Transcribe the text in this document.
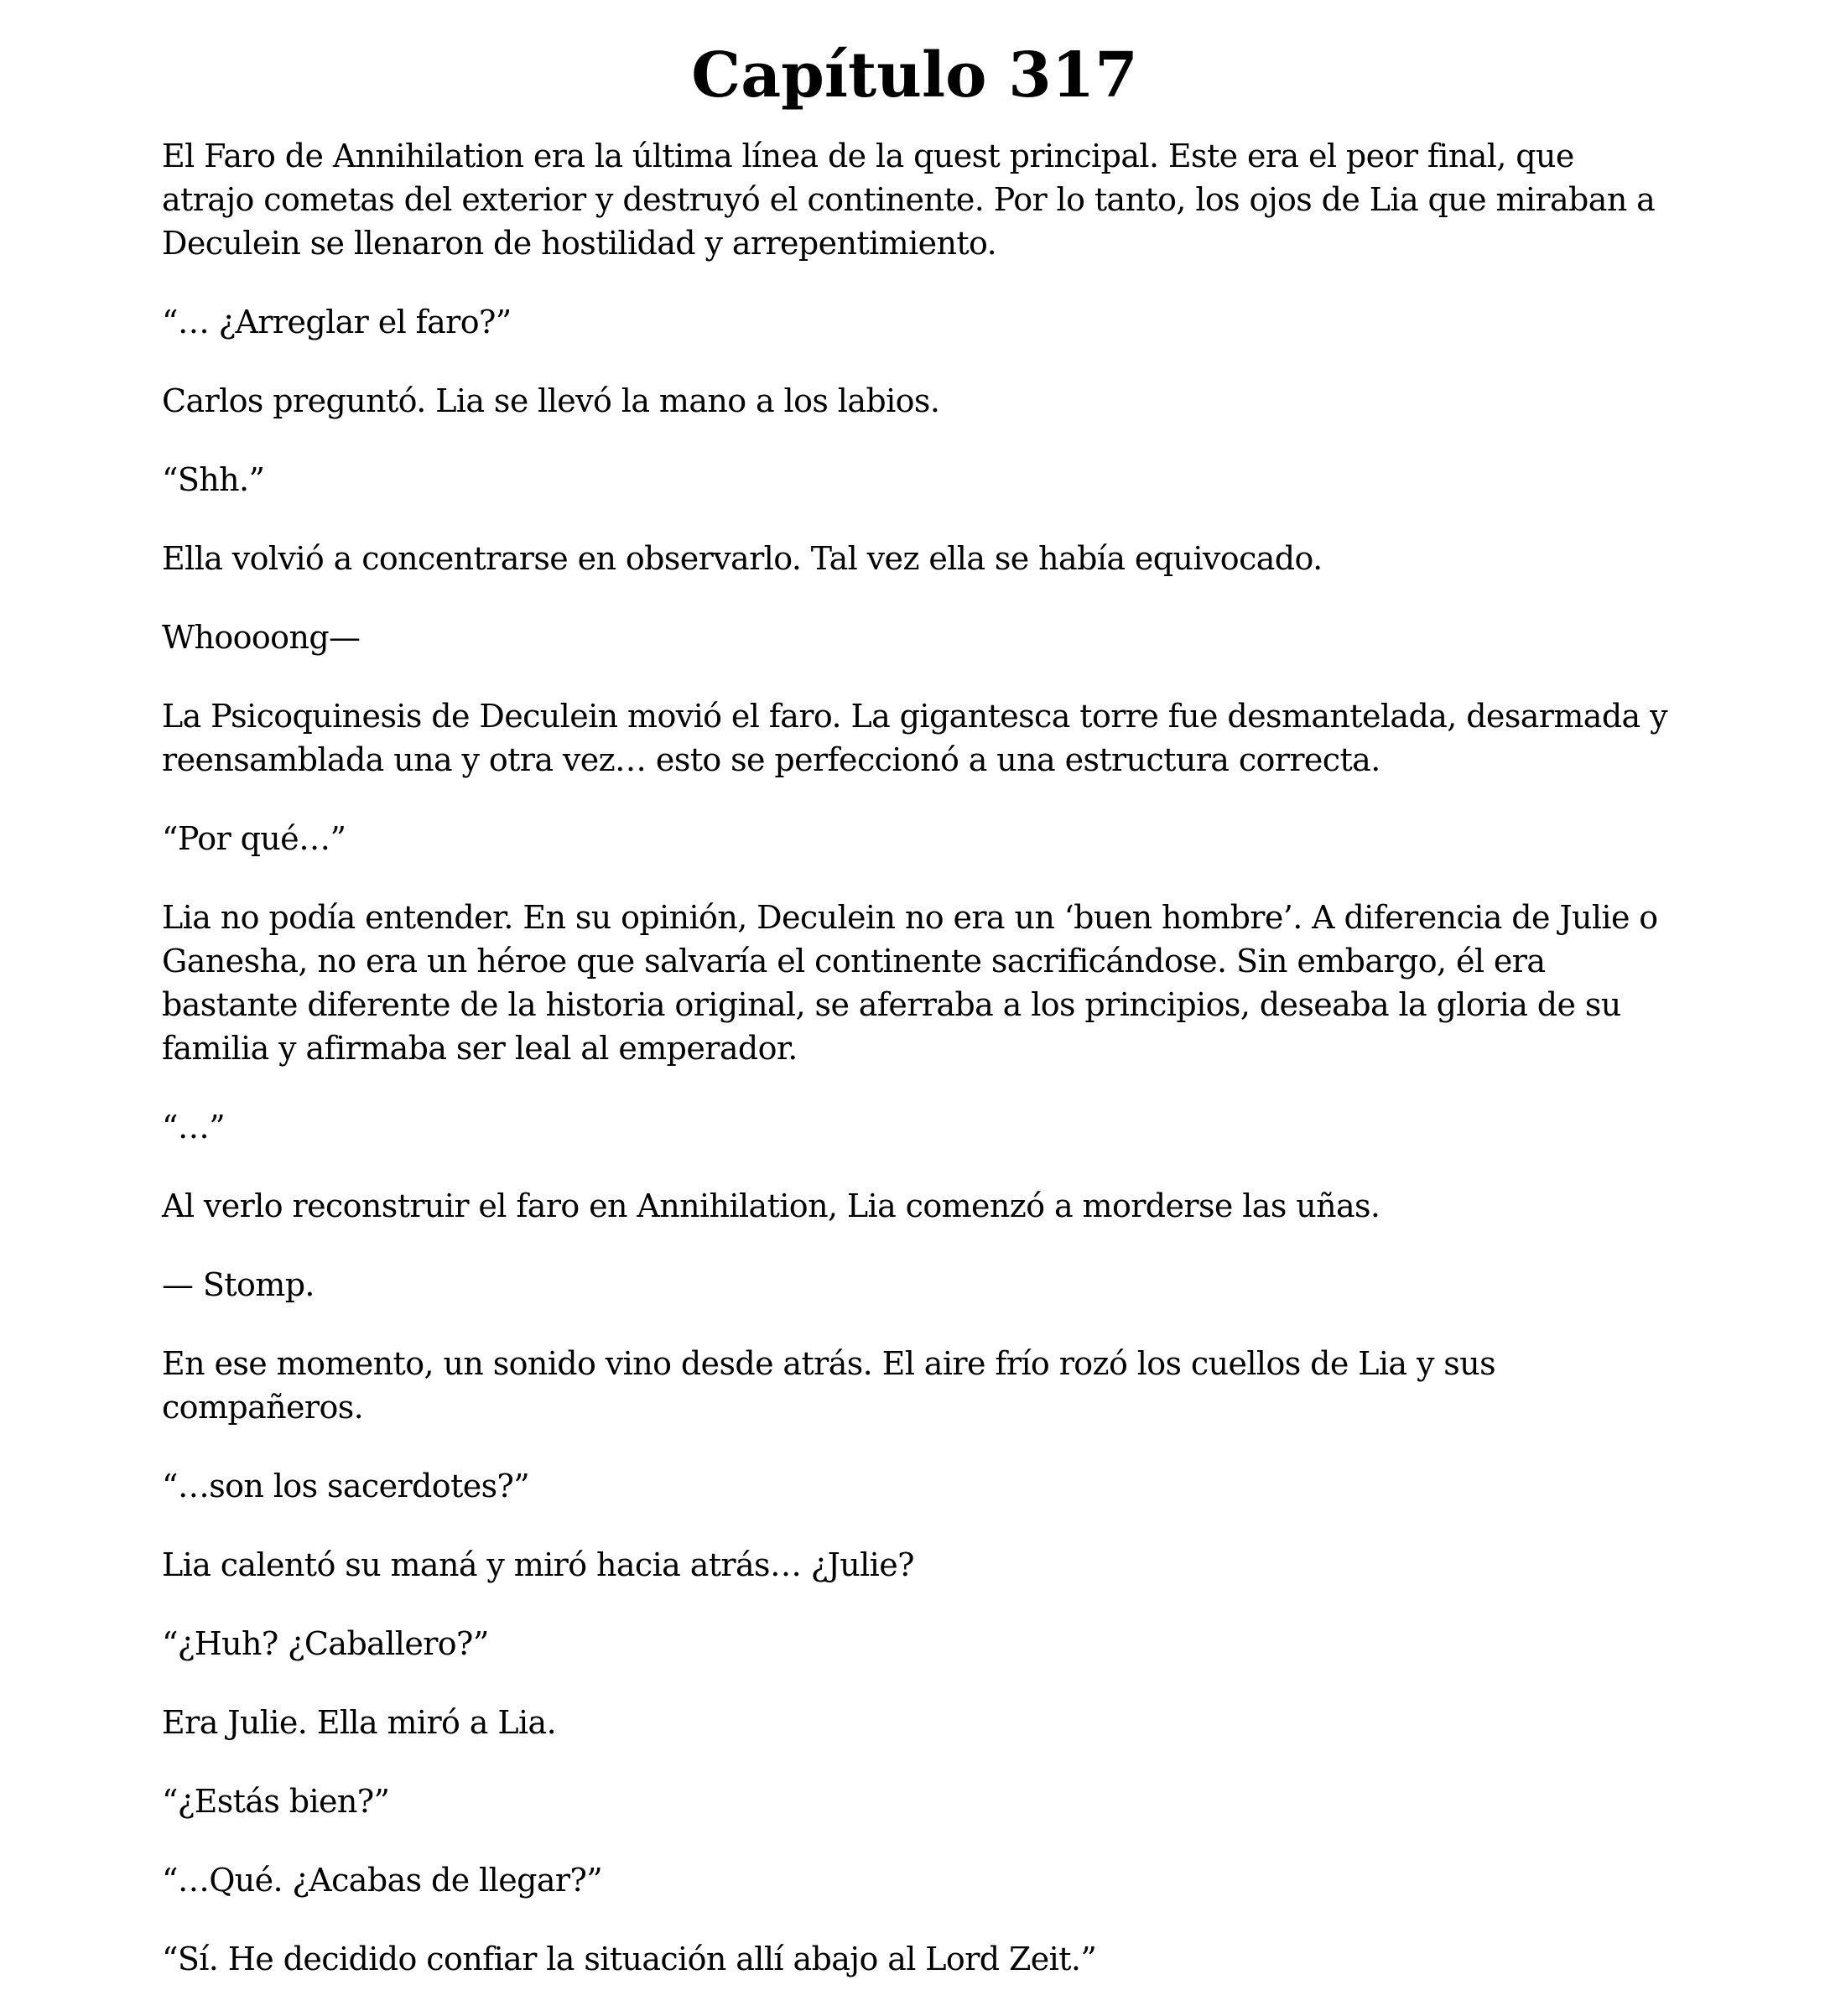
Capítulo 317

El Faro de Annihilation era la última línea de la quest principal. Este era el peor final, que atrajo cometas del exterior y destruyó el continente. Por lo tanto, los ojos de Lia que miraban a Deculein se llenaron de hostilidad y arrepentimiento.

“… ¿Arreglar el faro?”

Carlos preguntó. Lia se llevó la mano a los labios.

“Shh.”

Ella volvió a concentrarse en observarlo. Tal vez ella se había equivocado.

Whoooong—

La Psicoquinesis de Deculein movió el faro. La gigantesca torre fue desmantelada, desarmada y reensamblada una y otra vez… esto se perfeccionó a una estructura correcta.

“Por qué…”

Lia no podía entender. En su opinión, Deculein no era un ‘buen hombre’. A diferencia de Julie o Ganesha, no era un héroe que salvaría el continente sacrificándose. Sin embargo, él era bastante diferente de la historia original, se aferraba a los principios, deseaba la gloria de su familia y afirmaba ser leal al emperador.

“…”

Al verlo reconstruir el faro en Annihilation, Lia comenzó a morderse las uñas.

— Stomp.

En ese momento, un sonido vino desde atrás. El aire frío rozó los cuellos de Lia y sus compañeros.

“…son los sacerdotes?”

Lia calentó su maná y miró hacia atrás… ¿Julie?

“¿Huh? ¿Caballero?”

Era Julie. Ella miró a Lia.

“¿Estás bien?”

“…Qué. ¿Acabas de llegar?”

“Sí. He decidido confiar la situación allí abajo al Lord Zeit.”
